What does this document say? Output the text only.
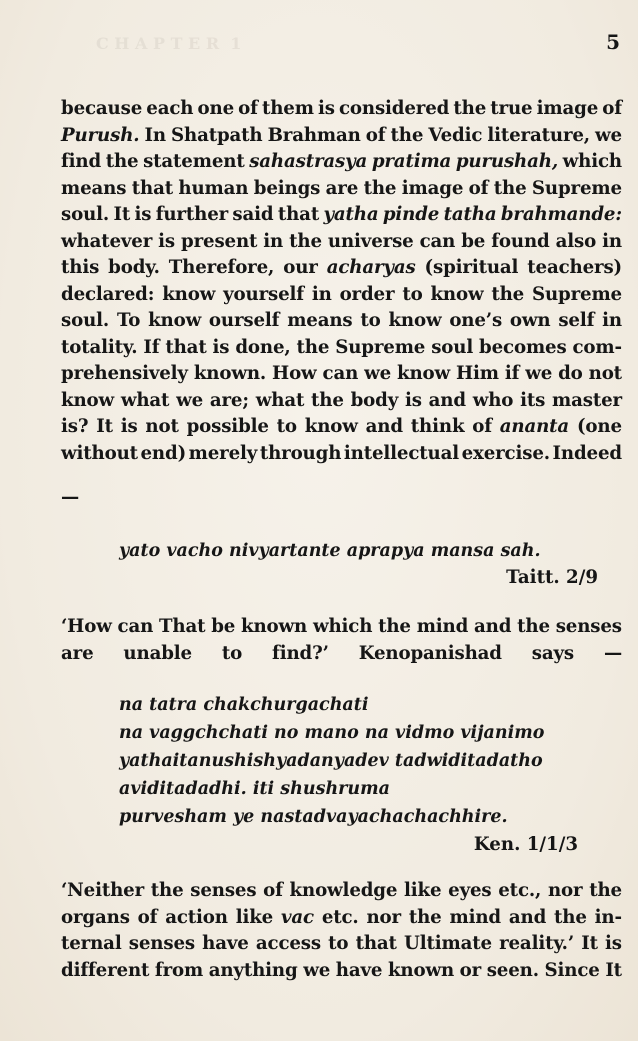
C H A P T E R  1	5
because each one of them is considered the true image of
Purush. In Shatpath Brahman of the Vedic literature, we
find the statement sahastrasya pratima purushah, which
means that human beings are the image of the Supreme
soul. It is further said that yatha pinde tatha brahmande:
whatever is present in the universe can be found also in
this body. Therefore, our acharyas (spiritual teachers)
declared: know yourself in order to know the Supreme
soul. To know ourself means to know one’s own self in
totality. If that is done, the Supreme soul becomes com-
prehensively known. How can we know Him if we do not
know what we are; what the body is and who its master
is? It is not possible to know and think of ananta (one
without end) merely through intellectual exercise. Indeed
—
yato vacho nivyartante aprapya mansa sah.
Taitt. 2/9
‘How can That be known which the mind and the senses
are unable to find?’ Kenopanishad says —
na tatra chakchurgachati
na vaggchchati no mano na vidmo vijanimo
yathaitanushishyadanyadev tadwiditadatho
aviditadadhi. iti shushruma
purvesham ye nastadvayachachachhire.
Ken. 1/1/3
‘Neither the senses of knowledge like eyes etc., nor the
organs of action like vac etc. nor the mind and the in-
ternal senses have access to that Ultimate reality.’ It is
different from anything we have known or seen. Since It
